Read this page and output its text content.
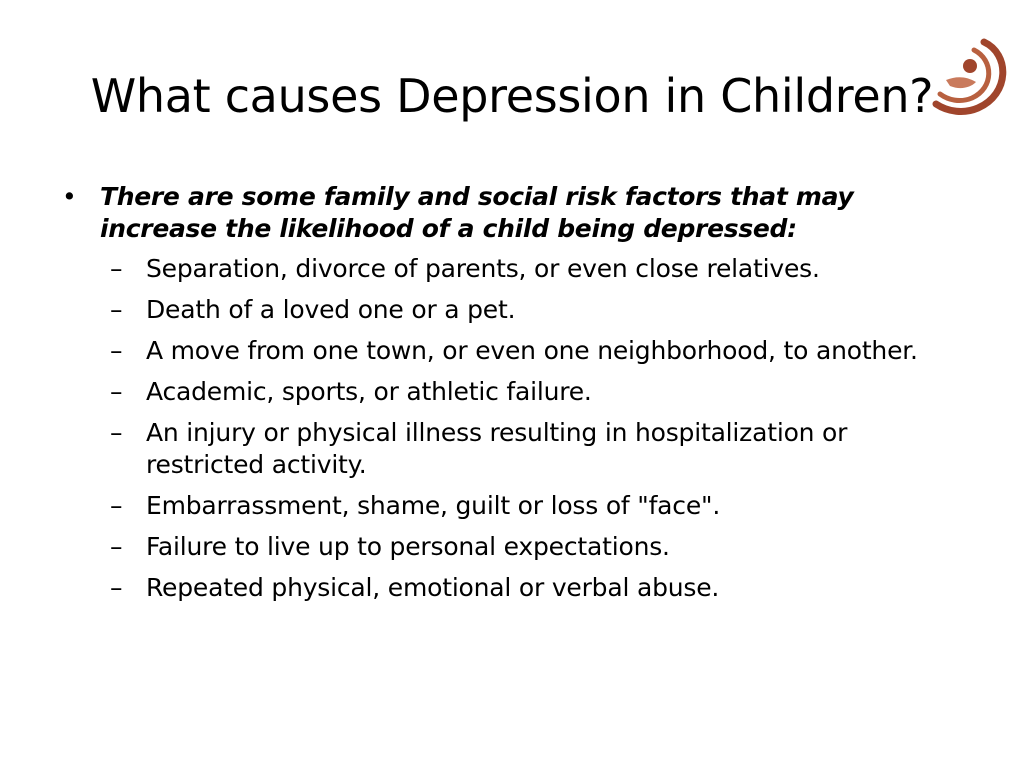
What causes Depression in Children?
• There are some family and social risk factors that may increase the likelihood of a child being depressed:
– Separation, divorce of parents, or even close relatives.
– Death of a loved one or a pet.
– A move from one town, or even one neighborhood, to another.
– Academic, sports, or athletic failure.
– An injury or physical illness resulting in hospitalization or restricted activity.
– Embarrassment, shame, guilt or loss of "face".
– Failure to live up to personal expectations.
– Repeated physical, emotional or verbal abuse.
